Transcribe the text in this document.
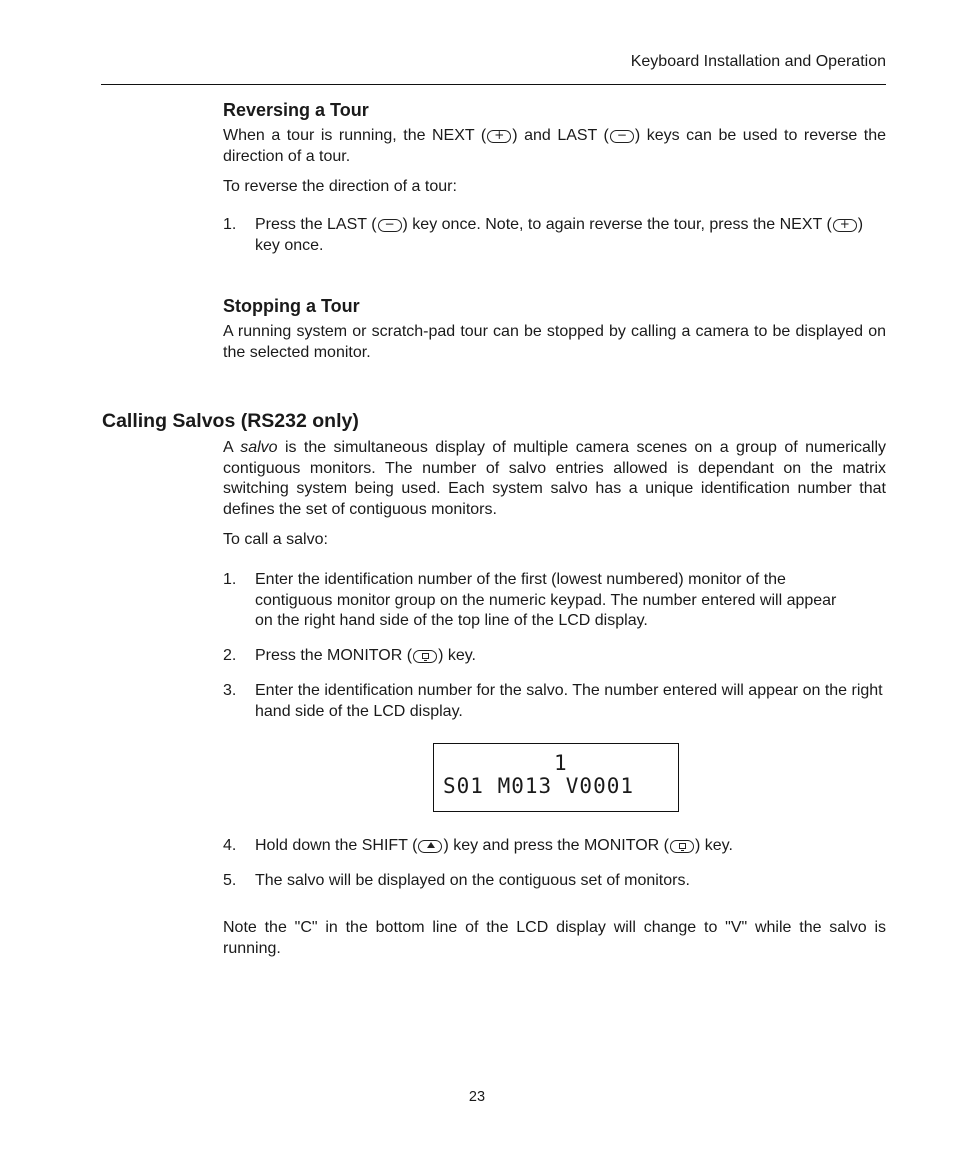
Keyboard Installation and Operation
Reversing a Tour

When a tour is running, the NEXT ( + ) and LAST ( − ) keys can be used to reverse the direction of a tour.

To reverse the direction of a tour:

1. Press the LAST ( − ) key once. Note, to again reverse the tour, press the NEXT ( + ) key once.
Stopping a Tour

A running system or scratch-pad tour can be stopped by calling a camera to be displayed on the selected monitor.

Calling Salvos (RS232 only)

A salvo is the simultaneous display of multiple camera scenes on a group of numerically contiguous monitors. The number of salvo entries allowed is dependant on the matrix switching system being used. Each system salvo has a unique identification number that defines the set of contiguous monitors.

To call a salvo:

1. Enter the identification number of the first (lowest numbered) monitor of the contiguous monitor group on the numeric keypad. The number entered will appear on the right hand side of the top line of the LCD display.
2. Press the MONITOR ( ) key.
3. Enter the identification number for the salvo. The number entered will appear on the right hand side of the LCD display.
1
S01 M013 V0001
4. Hold down the SHIFT ( ) key and press the MONITOR ( ) key.
5. The salvo will be displayed on the contiguous set of monitors.

Note the "C" in the bottom line of the LCD display will change to "V" while the salvo is running.

23
